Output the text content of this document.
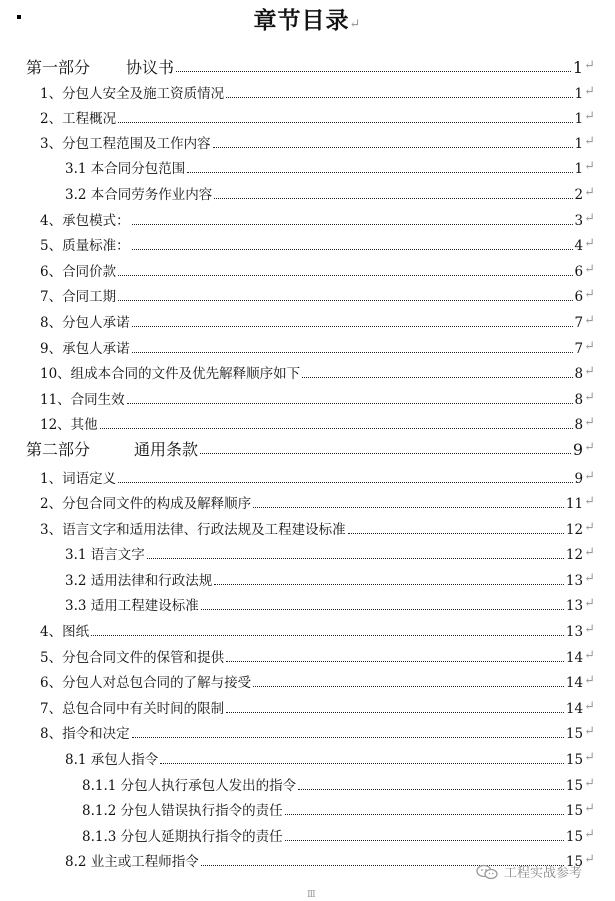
章节目录↵
第一部分 协议书	1 ↵
1、分包人安全及施工资质情况	1 ↵
2、工程概况	1 ↵
3、分包工程范围及工作内容	1 ↵
3.1 本合同分包范围	1 ↵
3.2 本合同劳务作业内容	2 ↵
4、承包模式：	3 ↵
5、质量标准：	4 ↵
6、合同价款	6 ↵
7、合同工期	6 ↵
8、分包人承诺	7 ↵
9、承包人承诺	7 ↵
10、组成本合同的文件及优先解释顺序如下	8 ↵
11、合同生效	8 ↵
12、其他	8 ↵
第二部分	通用条款	9 ↵
1、词语定义	9 ↵
2、分包合同文件的构成及解释顺序	11 ↵
3、语言文字和适用法律、行政法规及工程建设标准	12 ↵
3.1 语言文字	12 ↵
3.2 适用法律和行政法规	13 ↵
3.3 适用工程建设标准	13 ↵
4、图纸	13 ↵
5、分包合同文件的保管和提供	14 ↵
6、分包人对总包合同的了解与接受	14 ↵
7、总包合同中有关时间的限制	14 ↵
8、指令和决定	15 ↵
8.1 承包人指令	15 ↵
8.1.1 分包人执行承包人发出的指令	15 ↵
8.1.2 分包人错误执行指令的责任	15 ↵
8.1.3 分包人延期执行指令的责任	15 ↵
8.2 业主或工程师指令	15 ↵
工程实战参考
Ⅲ
